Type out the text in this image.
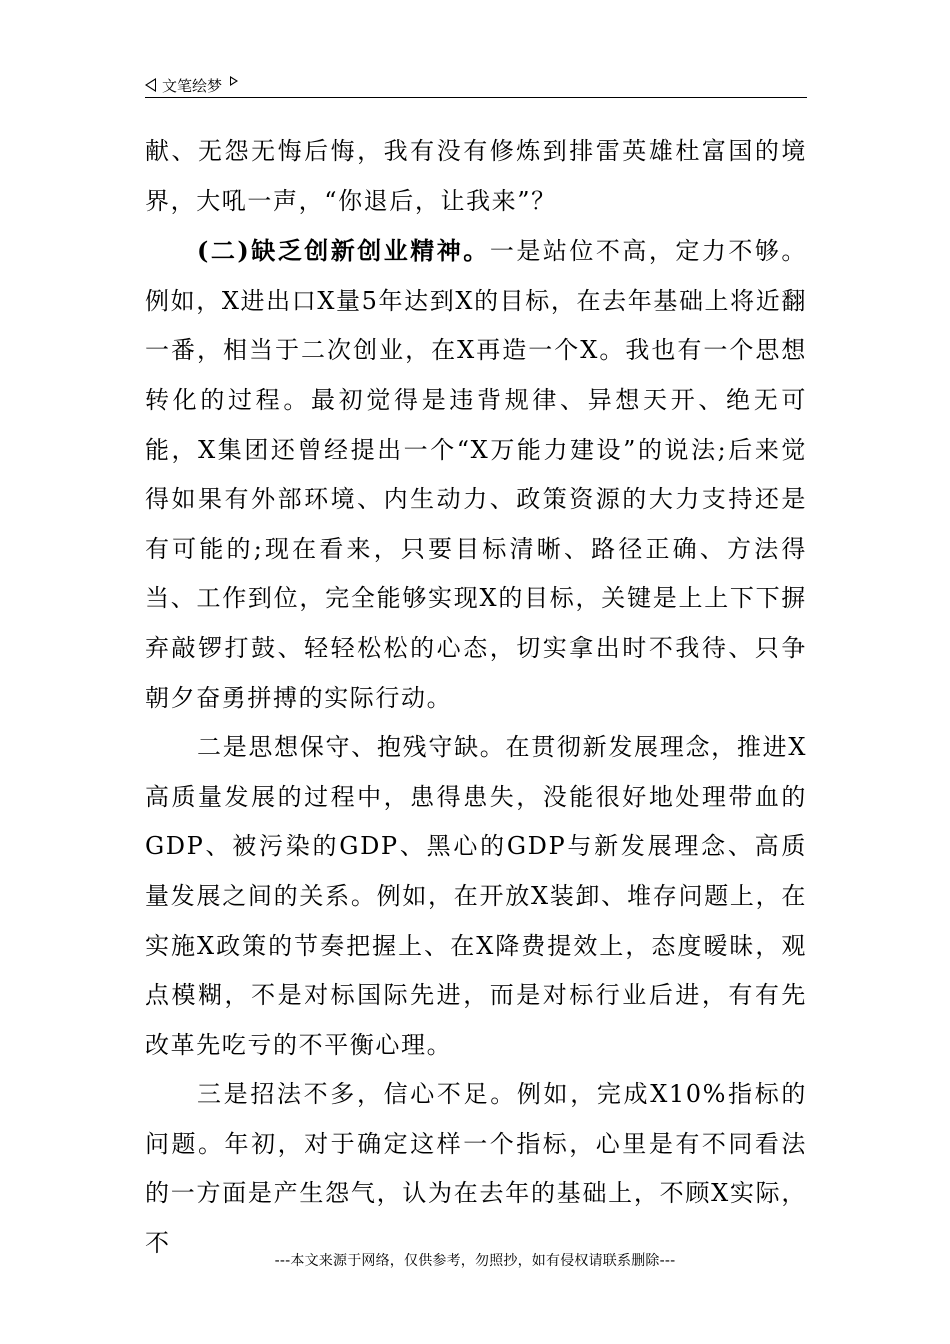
文笔绘梦

献、无怨无悔后悔，我有没有修炼到排雷英雄杜富国的境界，大吼一声，“你退后，让我来”？

(二)缺乏创新创业精神。一是站位不高，定力不够。例如，X进出口X量5年达到X的目标，在去年基础上将近翻一番，相当于二次创业，在X再造一个X。我也有一个思想转化的过程。最初觉得是违背规律、异想天开、绝无可能，X集团还曾经提出一个“X万能力建设”的说法;后来觉得如果有外部环境、内生动力、政策资源的大力支持还是有可能的;现在看来，只要目标清晰、路径正确、方法得当、工作到位，完全能够实现X的目标，关键是上上下下摒弃敲锣打鼓、轻轻松松的心态，切实拿出时不我待、只争朝夕奋勇拼搏的实际行动。

二是思想保守、抱残守缺。在贯彻新发展理念，推进X高质量发展的过程中，患得患失，没能很好地处理带血的GDP、被污染的GDP、黑心的GDP与新发展理念、高质量发展之间的关系。例如，在开放X装卸、堆存问题上，在实施X政策的节奏把握上、在X降费提效上，态度暧昧，观点模糊，不是对标国际先进，而是对标行业后进，有有先改革先吃亏的不平衡心理。

三是招法不多，信心不足。例如，完成X10%指标的问题。年初，对于确定这样一个指标，心里是有不同看法的一方面是产生怨气，认为在去年的基础上，不顾X实际，不

---本文来源于网络，仅供参考，勿照抄，如有侵权请联系删除---
